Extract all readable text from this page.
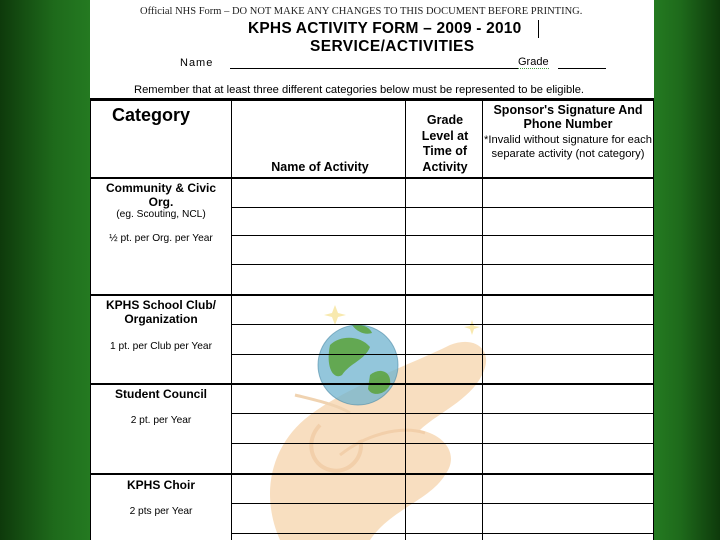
Official NHS Form – DO NOT MAKE ANY CHANGES TO THIS DOCUMENT BEFORE PRINTING.
KPHS ACTIVITY FORM – 2009 - 2010
SERVICE/ACTIVITIES
Name	Grade
Remember that at least three different categories below must be represented to be eligible.
Category
Name of Activity
Grade Level at Time of Activity
Sponsor's Signature And Phone Number
*Invalid without signature for each separate activity (not category)
Community & Civic Org.
(eg. Scouting, NCL)
½ pt. per Org. per Year
KPHS School Club/ Organization
1 pt. per Club per Year
Student Council
2 pt. per Year
KPHS Choir
2 pts per Year
